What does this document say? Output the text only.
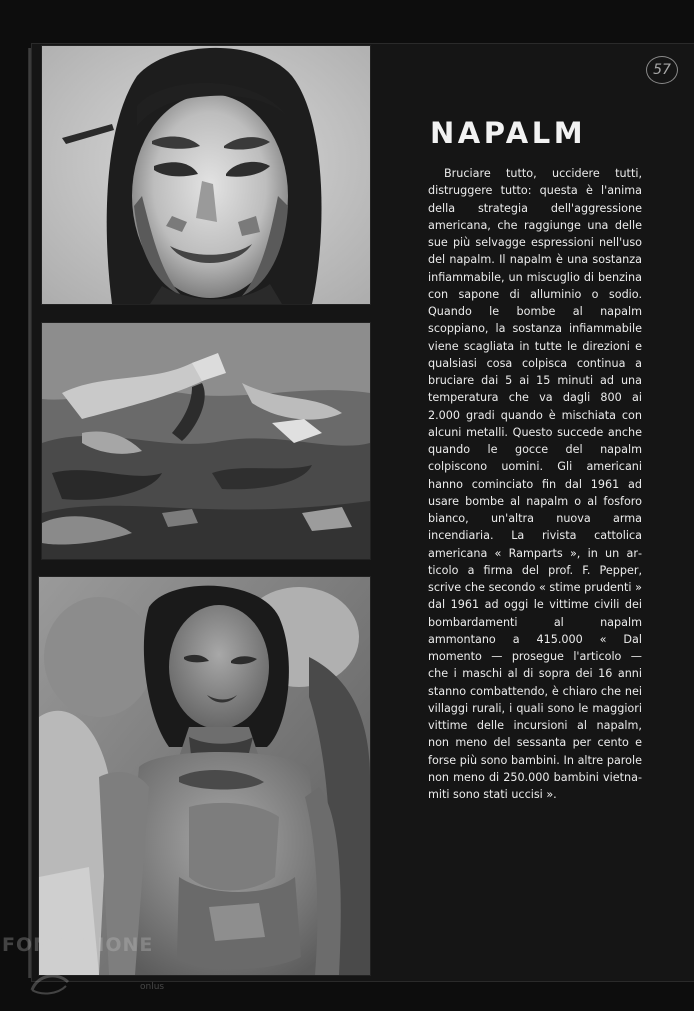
57
NAPALM

Bruciare tutto, uccidere tutti, distruggere tutto: questa è l'anima della strategia dell'aggressione americana, che raggiunge una delle sue più selvagge espressioni nell'uso del napalm. Il napalm è una sostanza infiammabile, un miscuglio di benzina con sapone di alluminio o sodio. Quando le bombe al napalm scoppiano, la sostanza infiammabile viene scagliata in tutte le direzioni e qualsiasi cosa colpisca continua a bruciare dai 5 ai 15 minuti ad una temperatura che va dagli 800 ai 2.000 gradi quando è mischiata con alcuni metalli. Questo succede anche quando le gocce del napalm colpiscono uomini. Gli americani hanno cominciato fin dal 1961 ad usare bombe al napalm o al fosforo bianco, un'altra nuova arma incendiaria. La rivista cattolica americana « Ramparts », in un articolo a firma del prof. F. Pepper, scrive che secondo « stime prudenti » dal 1961 ad oggi le vittime civili dei bombardamenti al napalm ammontano a 415.000 « Dal momento — prosegue l'articolo — che i maschi al di sopra dei 16 anni stanno combattendo, è chiaro che nei villaggi rurali, i quali sono le maggiori vittime delle incursioni al napalm, non meno del sessanta per cento e forse più sono bambini. In altre parole non meno di 250.000 bambini vietnamiti sono stati uccisi ».

FONDAZIONE
onlus
